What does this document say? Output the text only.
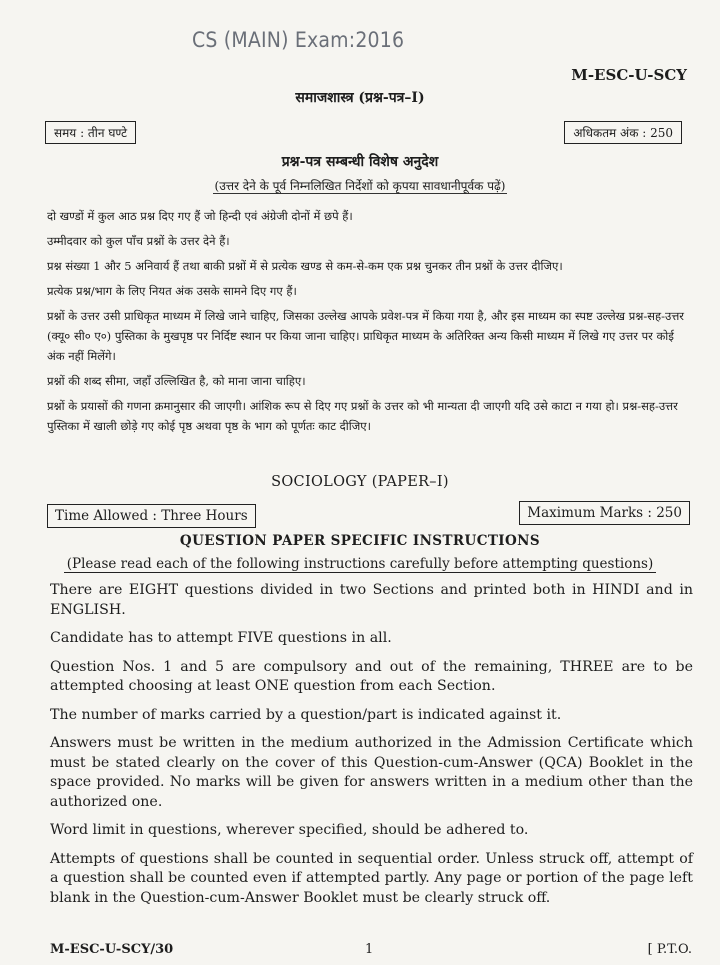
CS (MAIN) Exam:2016
M-ESC-U-SCY
समाजशास्त्र (प्रश्न-पत्र–I)
समय : तीन घण्टे	अधिकतम अंक : 250
प्रश्न-पत्र सम्बन्धी विशेष अनुदेश
(उत्तर देने के पूर्व निम्नलिखित निर्देशों को कृपया सावधानीपूर्वक पढ़ें)

दो खण्डों में कुल आठ प्रश्न दिए गए हैं जो हिन्दी एवं अंग्रेजी दोनों में छपे हैं।

उम्मीदवार को कुल पाँच प्रश्नों के उत्तर देने हैं।

प्रश्न संख्या 1 और 5 अनिवार्य हैं तथा बाकी प्रश्नों में से प्रत्येक खण्ड से कम-से-कम एक प्रश्न चुनकर तीन प्रश्नों के उत्तर दीजिए।

प्रत्येक प्रश्न/भाग के लिए नियत अंक उसके सामने दिए गए हैं।

प्रश्नों के उत्तर उसी प्राधिकृत माध्यम में लिखे जाने चाहिए, जिसका उल्लेख आपके प्रवेश-पत्र में किया गया है, और इस माध्यम का स्पष्ट उल्लेख प्रश्न-सह-उत्तर (क्यू० सी० ए०) पुस्तिका के मुखपृष्ठ पर निर्दिष्ट स्थान पर किया जाना चाहिए। प्राधिकृत माध्यम के अतिरिक्त अन्य किसी माध्यम में लिखे गए उत्तर पर कोई अंक नहीं मिलेंगे।

प्रश्नों की शब्द सीमा, जहाँ उल्लिखित है, को माना जाना चाहिए।

प्रश्नों के प्रयासों की गणना क्रमानुसार की जाएगी। आंशिक रूप से दिए गए प्रश्नों के उत्तर को भी मान्यता दी जाएगी यदि उसे काटा न गया हो। प्रश्न-सह-उत्तर पुस्तिका में खाली छोड़े गए कोई पृष्ठ अथवा पृष्ठ के भाग को पूर्णतः काट दीजिए।

SOCIOLOGY (PAPER–I)
Time Allowed : Three Hours	Maximum Marks : 250
QUESTION PAPER SPECIFIC INSTRUCTIONS
(Please read each of the following instructions carefully before attempting questions)

There are EIGHT questions divided in two Sections and printed both in HINDI and in ENGLISH.

Candidate has to attempt FIVE questions in all.

Question Nos. 1 and 5 are compulsory and out of the remaining, THREE are to be attempted choosing at least ONE question from each Section.

The number of marks carried by a question/part is indicated against it.

Answers must be written in the medium authorized in the Admission Certificate which must be stated clearly on the cover of this Question-cum-Answer (QCA) Booklet in the space provided. No marks will be given for answers written in a medium other than the authorized one.

Word limit in questions, wherever specified, should be adhered to.

Attempts of questions shall be counted in sequential order. Unless struck off, attempt of a question shall be counted even if attempted partly. Any page or portion of the page left blank in the Question-cum-Answer Booklet must be clearly struck off.

M-ESC-U-SCY/30	1	[ P.T.O.
